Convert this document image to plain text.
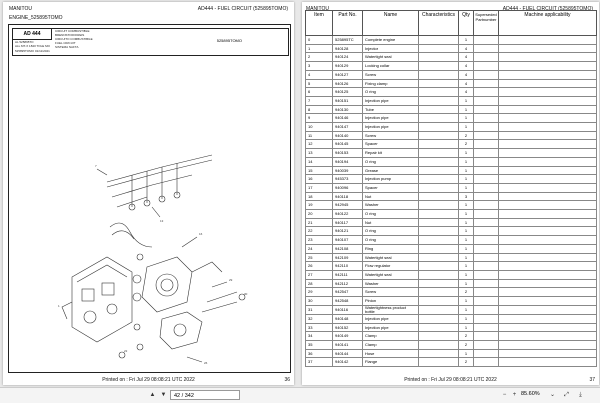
MANITOU	AD444 - FUEL CIRCUIT (525895TOMO)
ENGINE_525895TOMO
AD 444
AL 525895TO
ALL MT-X 1840 TOLE MO
525895TOMO 01/11/2021
CIRCUIT COMBUSTIBLE
BRENNSTOFFKREIS
CIRCUITO COMBUSTIBILE
FUEL CIRCUIT
SISTEMA NAFTA
525895TOMO
7
13
16
29
26
1
22
30
Printed on : Fri Jul 29 08:08:21 UTC 2022	36
MANITOU	AD444 - FUEL CIRCUIT (525895TOMO)
Item	Part No.	Name	Characteristics	Qty	Superseded Partnumber	Machine applicability
0	525895TC	Complete engine		1		
1	940128	Injector		4		
2	940124	Watertight seal		4		
3	940129	Locking collar		4		
4	940127	Screw		4		
5	940126	Fixing clamp		4		
6	940125	O ring		4		
7	940151	Injection pipe		1		
8	940130	Tube		1		
9	940146	Injection pipe		1		
10	940147	Injection pipe		1		
11	940140	Screw		2		
12	940145	Spacer		2		
13	940153	Repair kit		1		
14	940194	O ring		1		
15	940039	Grease		1		
16	945373	Injection pump		1		
17	940096	Spacer		1		
18	940118	Nut		3		
19	942945	Washer		1		
20	940122	O ring		1		
21	940117	Nut		1		
22	940121	O ring		1		
23	940107	O ring		1		
24	942108	Ring		1		
25	942109	Watertight seal		1		
26	942110	Flow regulator		1		
27	942111	Watertight seal		1		
28	942112	Washer		1		
29	942547	Screw		2		
30	942548	Pinion		1		
31	940116	Watertightness product bottle		1		
32	940148	Injection pipe		1		
33	940152	Injection pipe		1		
34	940149	Clamp		2		
35	940141	Clamp		2		
36	940144	Hose		1		
37	940142	Flange		2		
Printed on : Fri Jul 29 08:08:21 UTC 2022	37
▲ ▼	42 / 342	−	+ 85.60%	⌄	⤢	⤓
